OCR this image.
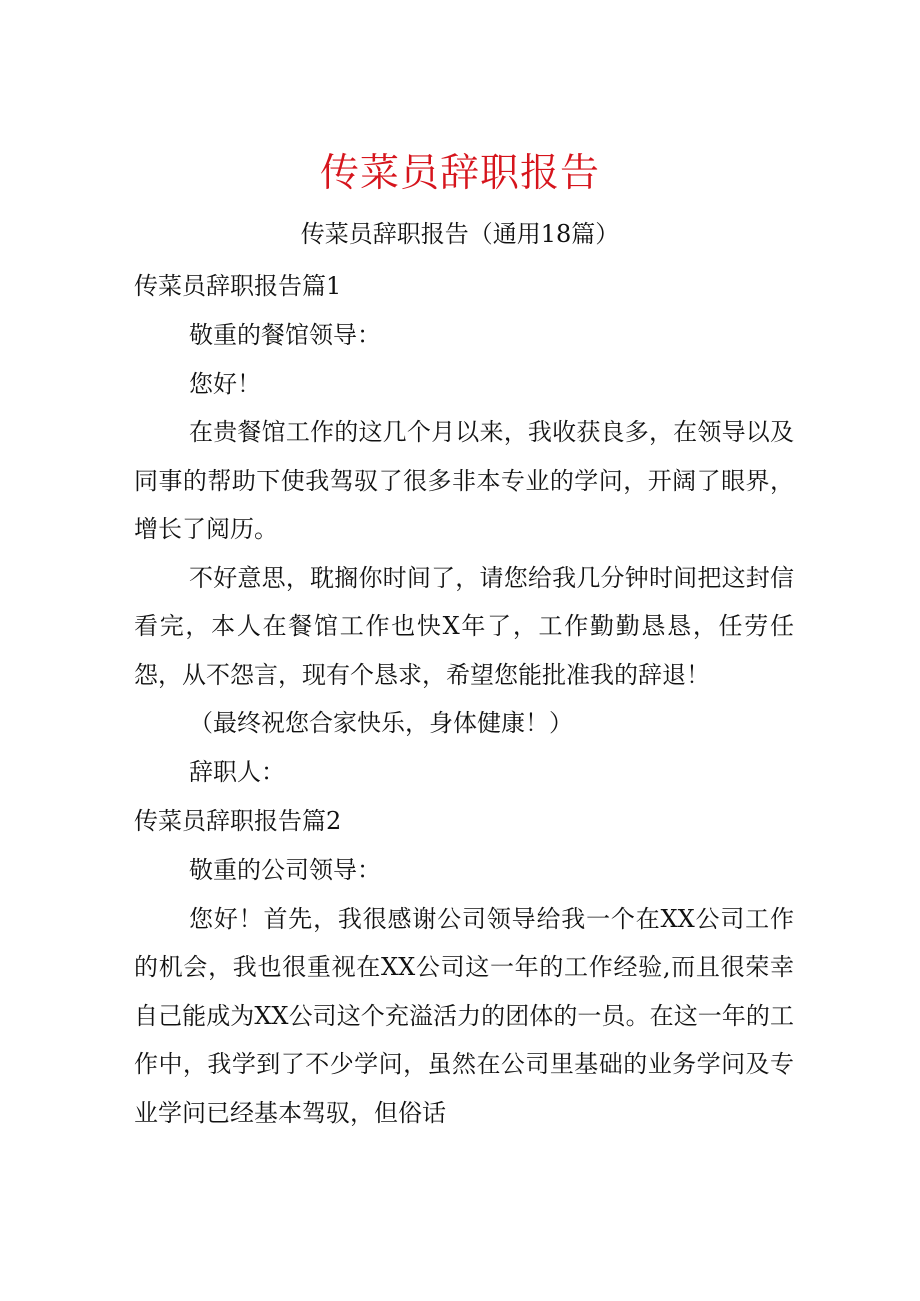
传菜员辞职报告
传菜员辞职报告（通用18篇）
传菜员辞职报告篇1

敬重的餐馆领导：

您好！

在贵餐馆工作的这几个月以来，我收获良多，在领导以及同事的帮助下使我驾驭了很多非本专业的学问，开阔了眼界，增长了阅历。

不好意思，耽搁你时间了，请您给我几分钟时间把这封信看完，本人在餐馆工作也快X年了，工作勤勤恳恳，任劳任怨，从不怨言，现有个恳求，希望您能批准我的辞退！

（最终祝您合家快乐，身体健康！）

辞职人：

传菜员辞职报告篇2

敬重的公司领导：

您好！首先，我很感谢公司领导给我一个在XX公司工作的机会，我也很重视在XX公司这一年的工作经验,而且很荣幸自己能成为XX公司这个充溢活力的团体的一员。在这一年的工作中，我学到了不少学问，虽然在公司里基础的业务学问及专业学问已经基本驾驭，但俗话
